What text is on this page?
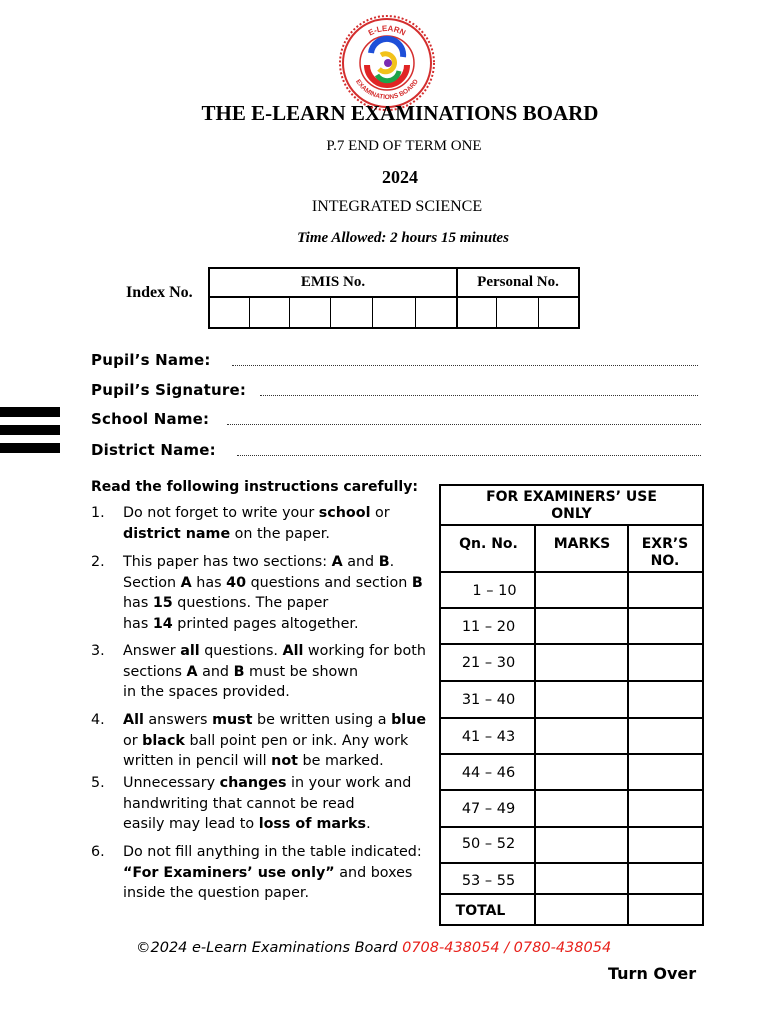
E-LEARN
EXAMINATIONS BOARD
THE E-LEARN EXAMINATIONS BOARD
P.7 END OF TERM ONE
2024
INTEGRATED SCIENCE
Time Allowed: 2 hours 15 minutes
Index No.
EMIS No.	Personal No.
Pupil’s Name:
Pupil’s Signature:
School Name:
District Name:
Read the following instructions carefully:
1. Do not forget to write your school or district name on the paper.
2. This paper has two sections: A and B.
Section A has 40 questions and section B
has 15 questions. The paper
has 14 printed pages altogether.
3. Answer all questions. All working for both sections A and B must be shown
in the spaces provided.
4. All answers must be written using a blue or black ball point pen or ink. Any work written in pencil will not be marked.
5. Unnecessary changes in your work and handwriting that cannot be read
easily may lead to loss of marks.
6. Do not fill anything in the table indicated: “For Examiners’ use only” and boxes inside the question paper.
FOR EXAMINERS’ USE ONLY
Qn. No.	MARKS	EXR’S NO.
1 – 10
11 – 20
21 – 30
31 – 40
41 – 43
44 – 46
47 – 49
50 – 52
53 – 55
TOTAL
©2024 e-Learn Examinations Board 0708-438054 / 0780-438054
Turn Over
